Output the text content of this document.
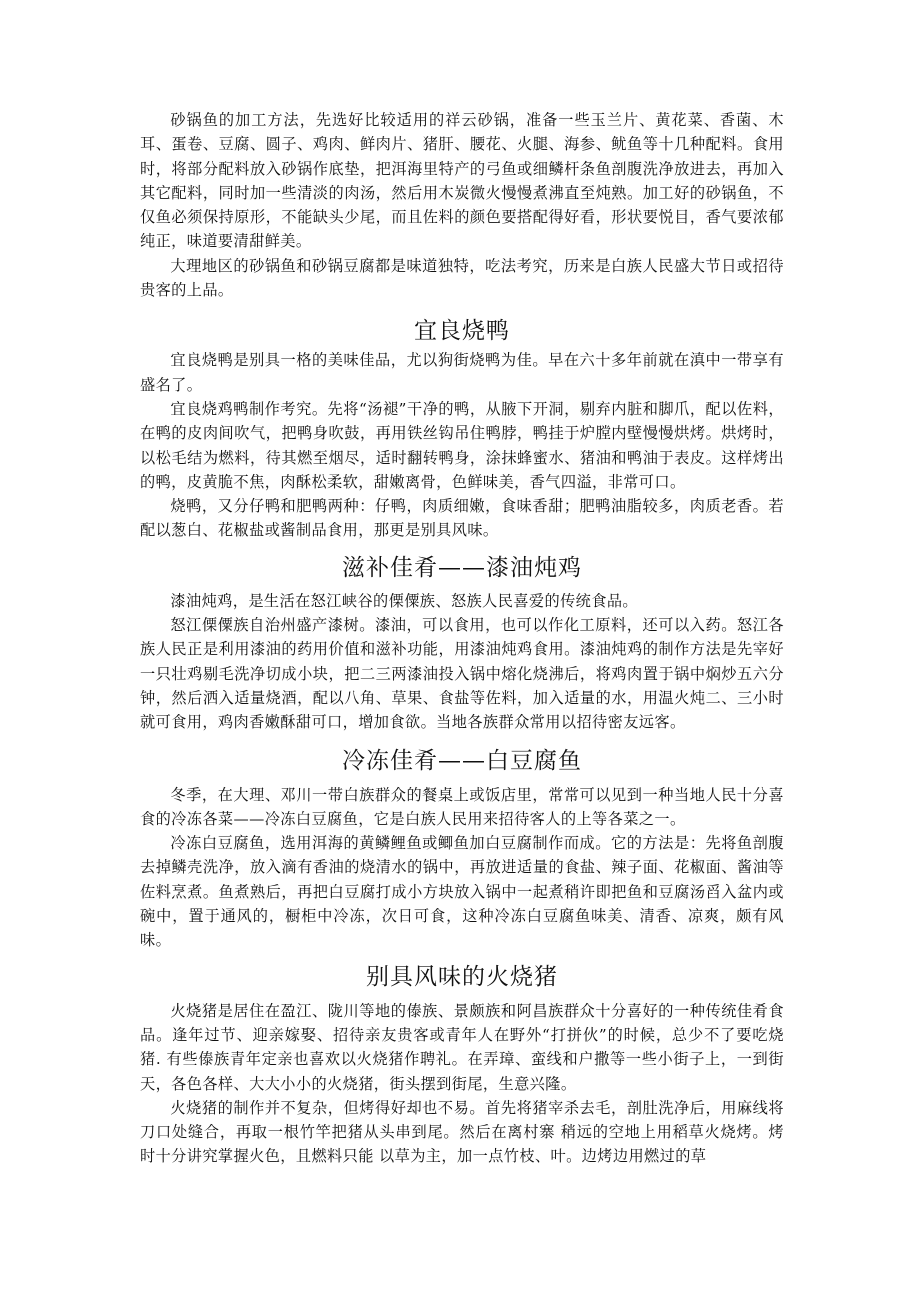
砂锅鱼的加工方法，先选好比较适用的祥云砂锅，准备一些玉兰片、黄花菜、香菌、木耳、蛋卷、豆腐、圆子、鸡肉、鲜肉片、猪肝、腰花、火腿、海参、鱿鱼等十几种配料。食用时，将部分配料放入砂锅作底垫，把洱海里特产的弓鱼或细鳞杆条鱼剖腹洗净放进去，再加入其它配料，同时加一些清淡的肉汤，然后用木炭微火慢慢煮沸直至炖熟。加工好的砂锅鱼，不仅鱼必须保持原形，不能缺头少尾，而且佐料的颜色要搭配得好看，形状要悦目，香气要浓郁纯正，味道要清甜鲜美。

大理地区的砂锅鱼和砂锅豆腐都是味道独特，吃法考究，历来是白族人民盛大节日或招待贵客的上品。

宜良烧鸭

宜良烧鸭是别具一格的美味佳品，尤以狗街烧鸭为佳。早在六十多年前就在滇中一带享有盛名了。

宜良烧鸡鸭制作考究。先将“汤褪”干净的鸭，从腋下开洞，剔弃内脏和脚爪，配以佐料，在鸭的皮肉间吹气，把鸭身吹鼓，再用铁丝钩吊住鸭脖，鸭挂于炉膛内壁慢慢烘烤。烘烤时，以松毛结为燃料，待其燃至烟尽，适时翻转鸭身，涂抹蜂蜜水、猪油和鸭油于表皮。这样烤出的鸭，皮黄脆不焦，肉酥松柔软，甜嫩离骨，色鲜味美，香气四溢，非常可口。

烧鸭，又分仔鸭和肥鸭两种：仔鸭，肉质细嫩，食味香甜；肥鸭油脂较多，肉质老香。若配以葱白、花椒盐或酱制品食用，那更是别具风味。

滋补佳肴——漆油炖鸡

漆油炖鸡，是生活在怒江峡谷的傈僳族、怒族人民喜爱的传统食品。

怒江傈僳族自治州盛产漆树。漆油，可以食用，也可以作化工原料，还可以入药。怒江各族人民正是利用漆油的药用价值和滋补功能，用漆油炖鸡食用。漆油炖鸡的制作方法是先宰好一只壮鸡剔毛洗净切成小块，把二三两漆油投入锅中熔化烧沸后，将鸡肉置于锅中焖炒五六分钟，然后洒入适量烧酒，配以八角、草果、食盐等佐料，加入适量的水，用温火炖二、三小时就可食用，鸡肉香嫩酥甜可口，增加食欲。当地各族群众常用以招待密友远客。

冷冻佳肴——白豆腐鱼

冬季，在大理、邓川一带白族群众的餐桌上或饭店里，常常可以见到一种当地人民十分喜食的冷冻各菜——冷冻白豆腐鱼，它是白族人民用来招待客人的上等各菜之一。

冷冻白豆腐鱼，选用洱海的黄鳞鲤鱼或鲫鱼加白豆腐制作而成。它的方法是：先将鱼剖腹去掉鳞壳洗净，放入滴有香油的烧清水的锅中，再放进适量的食盐、辣子面、花椒面、酱油等佐料烹煮。鱼煮熟后，再把白豆腐打成小方块放入锅中一起煮稍许即把鱼和豆腐汤舀入盆内或碗中，置于通风的，橱柜中冷冻，次日可食，这种冷冻白豆腐鱼味美、清香、凉爽，颇有风味。

别具风味的火烧猪

火烧猪是居住在盈江、陇川等地的傣族、景颇族和阿昌族群众十分喜好的一种传统佳肴食品。逢年过节、迎亲嫁娶、招待亲友贵客或青年人在野外“打拼伙”的时候，总少不了要吃烧猪. 有些傣族青年定亲也喜欢以火烧猪作聘礼。在弄璋、蛮线和户撒等一些小街子上，一到街天，各色各样、大大小小的火烧猪，街头摆到街尾，生意兴隆。

火烧猪的制作并不复杂，但烤得好却也不易。首先将猪宰杀去毛，剖肚洗净后，用麻线将刀口处缝合，再取一根竹竿把猪从头串到尾。然后在离村寨 稍远的空地上用稻草火烧烤。烤时十分讲究掌握火色，且燃料只能 以草为主，加一点竹枝、叶。边烤边用燃过的草
